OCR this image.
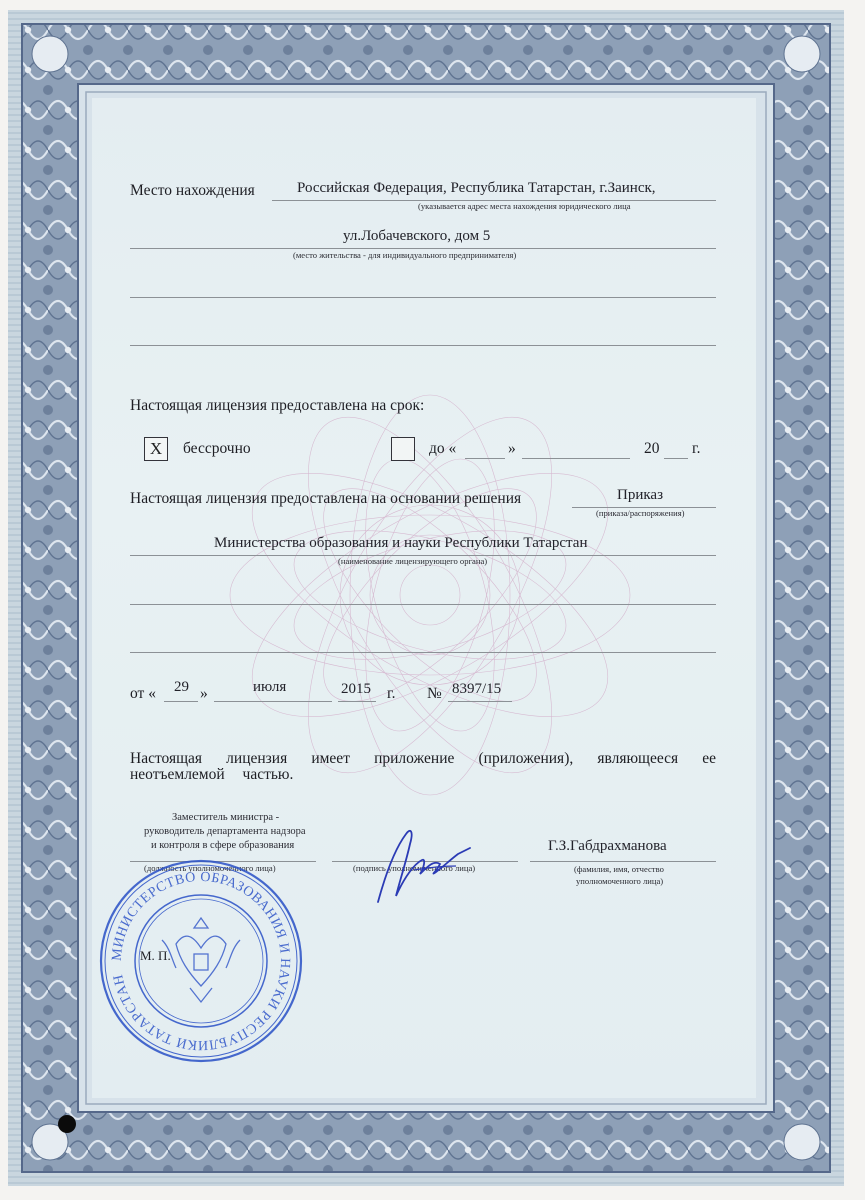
Место нахождения	Российская Федерация, Республика Татарстан, г.Заинск,
(указывается адрес места нахождения юридического лица
ул.Лобачевского, дом 5
(место жительства - для индивидуального предпринимателя)
Настоящая лицензия предоставлена на срок:
X	бессрочно	до «	»	20 г.
Настоящая лицензия предоставлена на основании решения	Приказ
(приказа/распоряжения)
Министерства образования и науки Республики Татарстан
(наименование лицензирующего органа)
от « 29 »	июля	2015 г. № 8397/15
Настоящая лицензия имеет приложение (приложения), являющееся ее
неотъемлемой частью.
Заместитель министра -
руководитель департамента надзора
и контроля в сфере образования
(должность уполномоченного лица)	(подпись уполномоченного лица)
Г.З.Габдрахманова
(фамилия, имя, отчество
уполномоченного лица)
МИНИСТЕРСТВО ОБРАЗОВАНИЯ И НАУКИ РЕСПУБЛИКИ ТАТАРСТАН
М. П.
